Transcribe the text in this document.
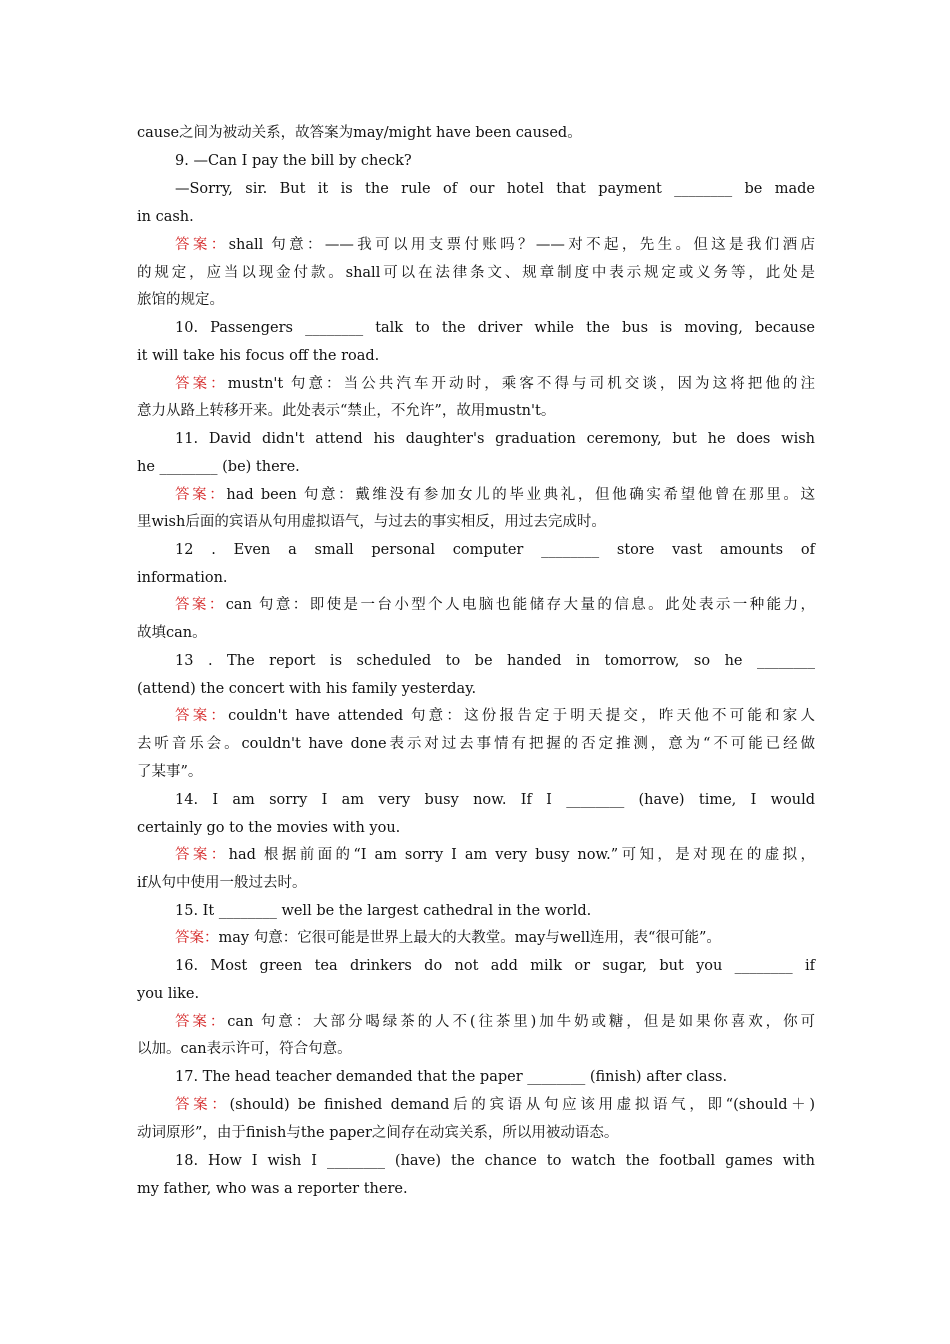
cause之间为被动关系，故答案为may/might have been caused。
9. —Can I pay the bill by check?
—Sorry, sir. But it is the rule of our hotel that payment ________ be made
in cash.
答案：shall 句意：——我可以用支票付账吗？——对不起，先生。但这是我们酒店
的规定，应当以现金付款。shall可以在法律条文、规章制度中表示规定或义务等，此处是
旅馆的规定。
10. Passengers ________ talk to the driver while the bus is moving, because
it will take his focus off the road.
答案：mustn't 句意：当公共汽车开动时，乘客不得与司机交谈，因为这将把他的注
意力从路上转移开来。此处表示“禁止，不允许”，故用mustn't。
11. David didn't attend his daughter's graduation ceremony, but he does wish
he ________ (be) there.
答案：had been 句意：戴维没有参加女儿的毕业典礼，但他确实希望他曾在那里。这
里wish后面的宾语从句用虚拟语气，与过去的事实相反，用过去完成时。
12 . Even a small personal computer ________ store vast amounts of
information.
答案：can 句意：即使是一台小型个人电脑也能储存大量的信息。此处表示一种能力，
故填can。
13 . The report is scheduled to be handed in tomorrow, so he ________
(attend) the concert with his family yesterday.
答案：couldn't have attended 句意：这份报告定于明天提交，昨天他不可能和家人
去听音乐会。couldn't have done表示对过去事情有把握的否定推测，意为“不可能已经做
了某事”。
14. I am sorry I am very busy now. If I ________ (have) time, I would
certainly go to the movies with you.
答案：had 根据前面的“I am sorry I am very busy now.”可知，是对现在的虚拟，
if从句中使用一般过去时。
15. It ________ well be the largest cathedral in the world.
答案：may 句意：它很可能是世界上最大的大教堂。may与well连用，表“很可能”。
16. Most green tea drinkers do not add milk or sugar, but you ________ if
you like.
答案：can 句意：大部分喝绿茶的人不(往茶里)加牛奶或糖，但是如果你喜欢，你可
以加。can表示许可，符合句意。
17. The head teacher demanded that the paper ________ (finish) after class.
答案：(should) be finished demand后的宾语从句应该用虚拟语气，即“(should＋)
动词原形”，由于finish与the paper之间存在动宾关系，所以用被动语态。
18. How I wish I ________ (have) the chance to watch the football games with
my father, who was a reporter there.
